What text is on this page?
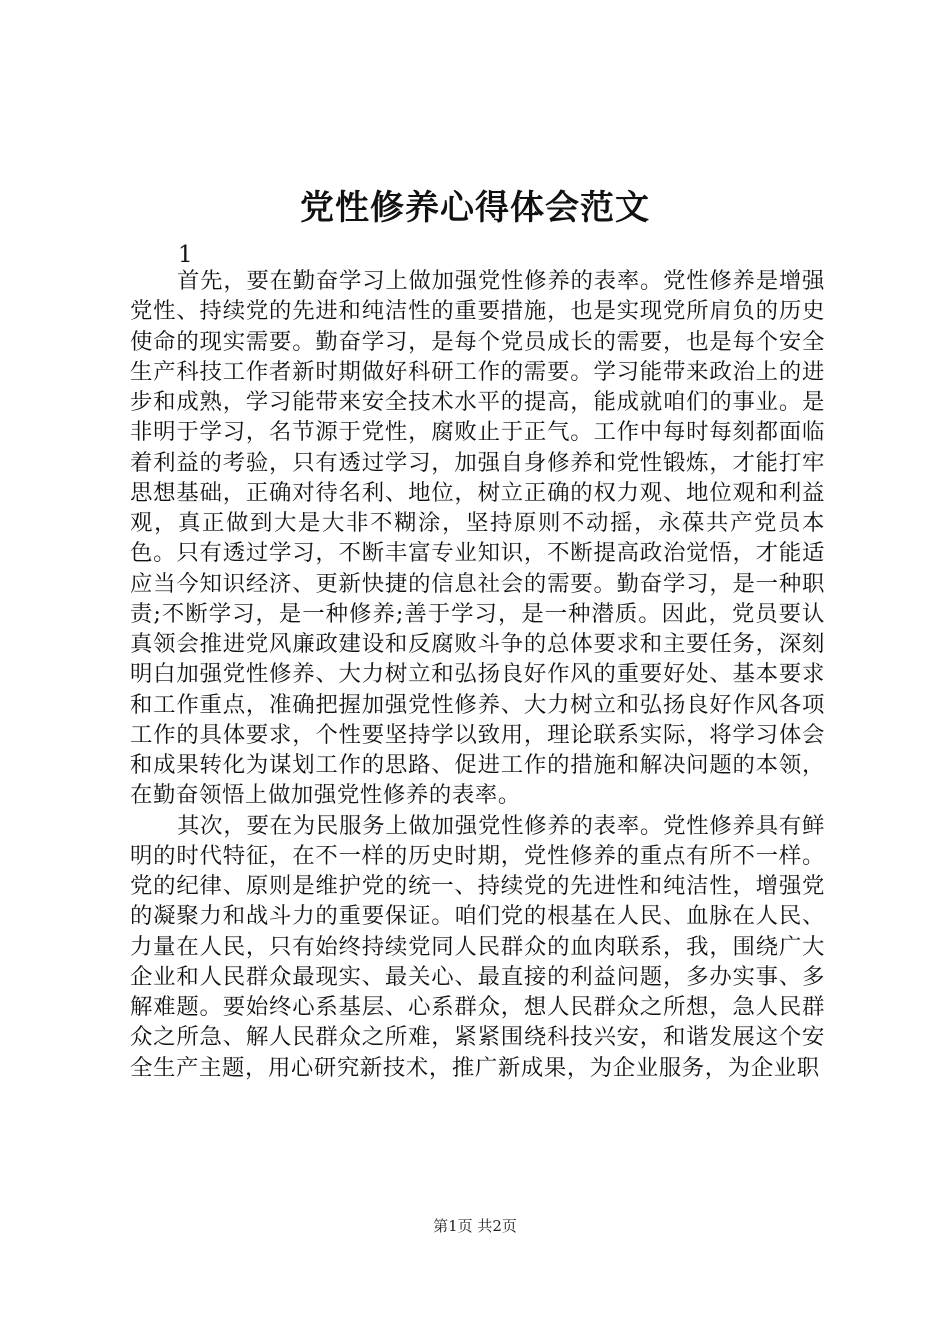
党性修养心得体会范文
1

首先，要在勤奋学习上做加强党性修养的表率。党性修养是增强党性、持续党的先进和纯洁性的重要措施，也是实现党所肩负的历史使命的现实需要。勤奋学习，是每个党员成长的需要，也是每个安全生产科技工作者新时期做好科研工作的需要。学习能带来政治上的进步和成熟，学习能带来安全技术水平的提高，能成就咱们的事业。是非明于学习，名节源于党性，腐败止于正气。工作中每时每刻都面临着利益的考验，只有透过学习，加强自身修养和党性锻炼，才能打牢思想基础，正确对待名利、地位，树立正确的权力观、地位观和利益观，真正做到大是大非不糊涂，坚持原则不动摇，永葆共产党员本色。只有透过学习，不断丰富专业知识，不断提高政治觉悟，才能适应当今知识经济、更新快捷的信息社会的需要。勤奋学习，是一种职责;不断学习，是一种修养;善于学习，是一种潜质。因此，党员要认真领会推进党风廉政建设和反腐败斗争的总体要求和主要任务，深刻明白加强党性修养、大力树立和弘扬良好作风的重要好处、基本要求和工作重点，准确把握加强党性修养、大力树立和弘扬良好作风各项工作的具体要求，个性要坚持学以致用，理论联系实际，将学习体会和成果转化为谋划工作的思路、促进工作的措施和解决问题的本领，在勤奋领悟上做加强党性修养的表率。

其次，要在为民服务上做加强党性修养的表率。党性修养具有鲜明的时代特征，在不一样的历史时期，党性修养的重点有所不一样。党的纪律、原则是维护党的统一、持续党的先进性和纯洁性，增强党的凝聚力和战斗力的重要保证。咱们党的根基在人民、血脉在人民、力量在人民，只有始终持续党同人民群众的血肉联系，我，围绕广大企业和人民群众最现实、最关心、最直接的利益问题，多办实事、多解难题。要始终心系基层、心系群众，想人民群众之所想，急人民群众之所急、解人民群众之所难，紧紧围绕科技兴安，和谐发展这个安全生产主题，用心研究新技术，推广新成果，为企业服务，为企业职

第1页 共2页
